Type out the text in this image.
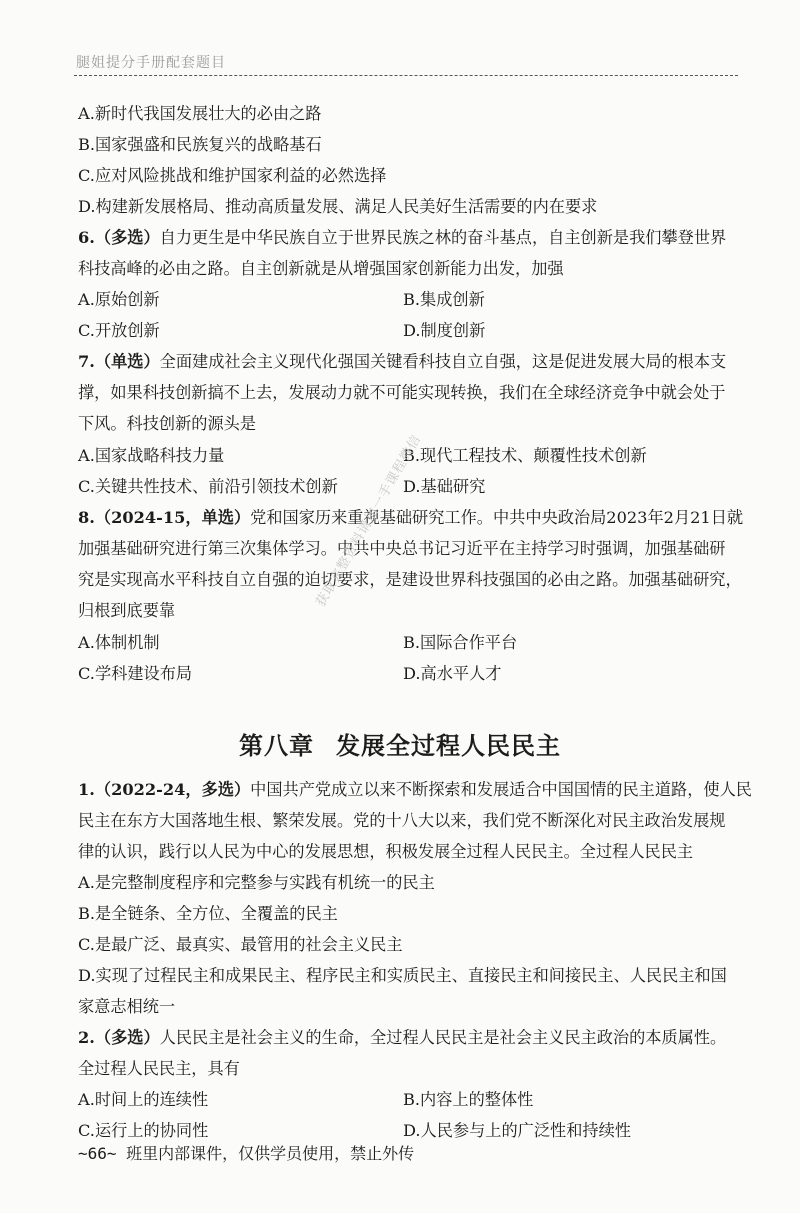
腿姐提分手册配套题目
A.新时代我国发展壮大的必由之路
B.国家强盛和民族复兴的战略基石
C.应对风险挑战和维护国家利益的必然选择
D.构建新发展格局、推动高质量发展、满足人民美好生活需要的内在要求
6.（多选）自力更生是中华民族自立于世界民族之林的奋斗基点，自主创新是我们攀登世界
科技高峰的必由之路。自主创新就是从增强国家创新能力出发，加强
A.原始创新	B.集成创新
C.开放创新	D.制度创新
7.（单选）全面建成社会主义现代化强国关键看科技自立自强，这是促进发展大局的根本支
撑，如果科技创新搞不上去，发展动力就不可能实现转换，我们在全球经济竞争中就会处于
下风。科技创新的源头是
A.国家战略科技力量	B.现代工程技术、颠覆性技术创新
C.关键共性技术、前沿引领技术创新	D.基础研究
8.（2024-15，单选）党和国家历来重视基础研究工作。中共中央政治局2023年2月21日就
加强基础研究进行第三次集体学习。中共中央总书记习近平在主持学习时强调，加强基础研
究是实现高水平科技自立自强的迫切要求，是建设世界科技强国的必由之路。加强基础研究，
归根到底要靠
A.体制机制	B.国际合作平台
C.学科建设布局	D.高水平人才
第八章 发展全过程人民民主
1.（2022-24，多选）中国共产党成立以来不断探索和发展适合中国国情的民主道路，使人民
民主在东方大国落地生根、繁荣发展。党的十八大以来，我们党不断深化对民主政治发展规
律的认识，践行以人民为中心的发展思想，积极发展全过程人民民主。全过程人民民主
A.是完整制度程序和完整参与实践有机统一的民主
B.是全链条、全方位、全覆盖的民主
C.是最广泛、最真实、最管用的社会主义民主
D.实现了过程民主和成果民主、程序民主和实质民主、直接民主和间接民主、人民民主和国
家意志相统一
2.（多选）人民民主是社会主义的生命，全过程人民民主是社会主义民主政治的本质属性。
全过程人民民主，具有
A.时间上的连续性	B.内容上的整体性
C.运行上的协同性	D.人民参与上的广泛性和持续性
~66~ 班里内部课件，仅供学员使用，禁止外传
获取完整资料请加一手课程微信
